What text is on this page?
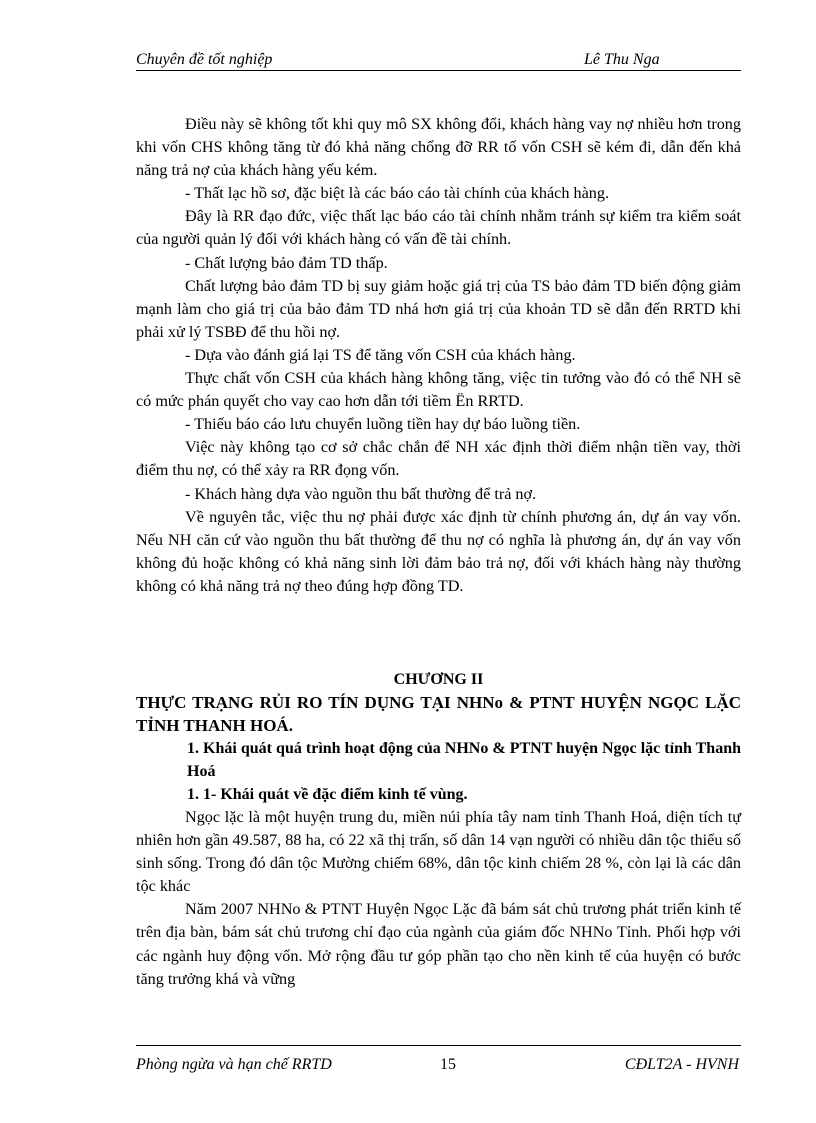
Chuyên đề tốt nghiệp	Lê Thu Nga

Điều này sẽ không tốt khi quy mô SX không đổi, khách hàng vay nợ nhiều hơn trong khi vốn CHS không tăng từ đó khả năng chống đỡ RR tố vốn CSH sẽ kém đi, dẫn đến khả năng trả nợ của khách hàng yếu kém.

- Thất lạc hồ sơ, đặc biệt là các báo cáo tài chính của khách hàng.

Đây là RR đạo đức, việc thất lạc báo cáo tài chính nhằm tránh sự kiểm tra kiểm soát của người quản lý đối với khách hàng có vấn đề tài chính.

- Chất lượng bảo đảm TD thấp.

Chất lượng bảo đảm TD bị suy giảm hoặc giá trị của TS bảo đảm TD biến động giảm mạnh làm cho giá trị của bảo đảm TD nhá hơn giá trị của khoản TD sẽ dẫn đến RRTD khi phải xử lý TSBĐ để thu hồi nợ.

- Dựa vào đánh giá lại TS để tăng vốn CSH của khách hàng.

Thực chất vốn CSH của khách hàng không tăng, việc tin tưởng vào đó có thể NH sẽ có mức phán quyết cho vay cao hơn dẫn tới tiềm Ën RRTD.

- Thiếu báo cáo lưu chuyển luồng tiền hay dự báo luồng tiền.

Việc này không tạo cơ sở chắc chắn để NH xác định thời điểm nhận tiền vay, thời điểm thu nợ, có thể xảy ra RR đọng vốn.

- Khách hàng dựa vào nguồn thu bất thường để trả nợ.

Về nguyên tắc, việc thu nợ phải được xác định từ chính phương án, dự án vay vốn. Nếu NH căn cứ vào nguồn thu bất thường để thu nợ có nghĩa là phương án, dự án vay vốn không đủ hoặc không có khả năng sinh lời đảm bảo trả nợ, đối với khách hàng này thường không có khả năng trả nợ theo đúng hợp đồng TD.

CHƯƠNG II

THỰC TRẠNG RỦI RO TÍN DỤNG TẠI NHNo & PTNT HUYỆN NGỌC LẶC TỈNH THANH HOÁ.

1. Khái quát quá trình hoạt động của NHNo & PTNT huyện Ngọc lặc tỉnh Thanh Hoá

1. 1- Khái quát về đặc điểm kinh tế vùng.

Ngọc lặc là một huyện trung du, miền núi phía tây nam tỉnh Thanh Hoá, diện tích tự nhiên hơn gần 49.587, 88 ha, có 22 xã thị trấn, số dân 14 vạn người có nhiều dân tộc thiểu số sinh sống. Trong đó dân tộc Mường chiếm 68%, dân tộc kinh chiếm 28 %, còn lại là các dân tộc khác

Năm 2007 NHNo & PTNT Huyện Ngọc Lặc đã bám sát chủ trương phát triển kinh tế trên địa bàn, bám sát chủ trương chỉ đạo của ngành của giám đốc NHNo Tỉnh. Phối hợp với các ngành huy động vốn. Mở rộng đầu tư góp phần tạo cho nền kinh tế của huyện có bước tăng trưởng khá và vững

Phòng ngừa và hạn chế RRTD	15	CĐLT2A - HVNH
